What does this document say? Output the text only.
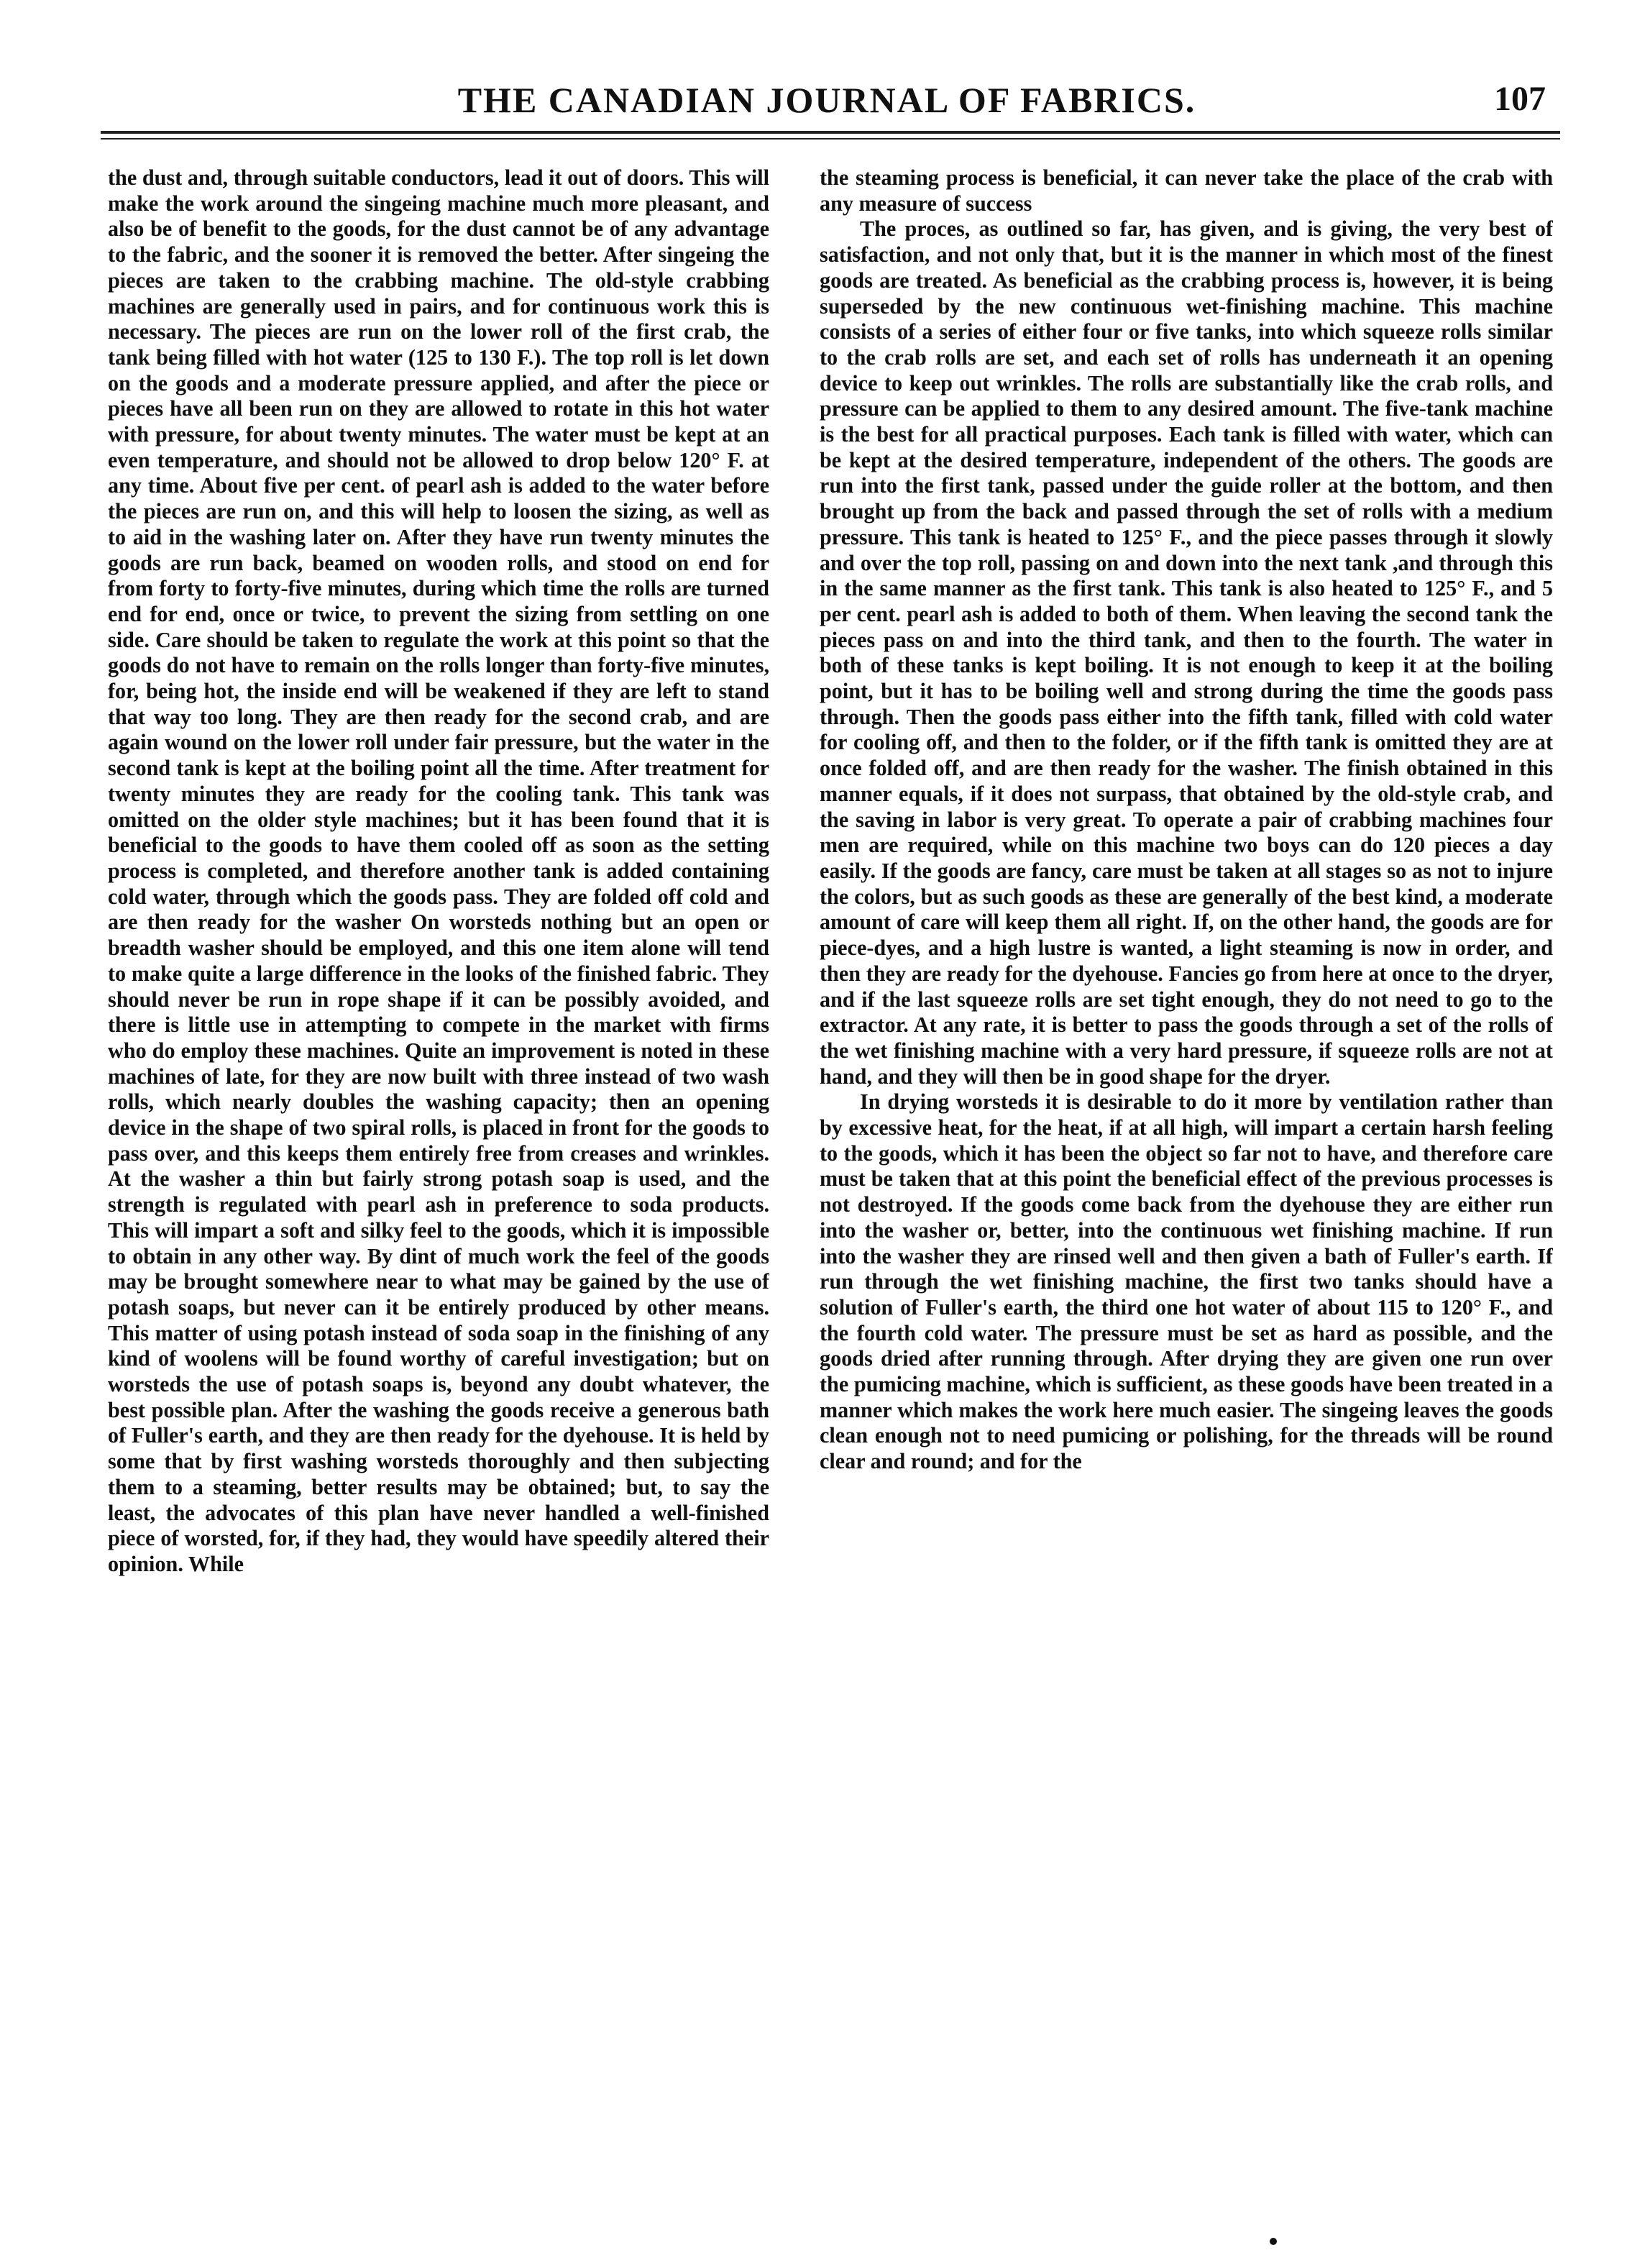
THE CANADIAN JOURNAL OF FABRICS.	107

the dust and, through suitable conductors, lead it out of doors. This will make the work around the singeing machine much more pleasant, and also be of benefit to the goods, for the dust cannot be of any advantage to the fabric, and the sooner it is removed the better. After singeing the pieces are taken to the crabbing machine. The old-style crabbing machines are generally used in pairs, and for continuous work this is necessary. The pieces are run on the lower roll of the first crab, the tank being filled with hot water (125 to 130 F.). The top roll is let down on the goods and a moderate pressure applied, and after the piece or pieces have all been run on they are allowed to rotate in this hot water with pressure, for about twenty minutes. The water must be kept at an even temperature, and should not be allowed to drop below 120° F. at any time. About five per cent. of pearl ash is added to the water before the pieces are run on, and this will help to loosen the sizing, as well as to aid in the washing later on. After they have run twenty minutes the goods are run back, beamed on wooden rolls, and stood on end for from forty to forty-five minutes, during which time the rolls are turned end for end, once or twice, to prevent the sizing from settling on one side. Care should be taken to regulate the work at this point so that the goods do not have to remain on the rolls longer than forty-five minutes, for, being hot, the inside end will be weakened if they are left to stand that way too long. They are then ready for the second crab, and are again wound on the lower roll under fair pressure, but the water in the second tank is kept at the boiling point all the time. After treatment for twenty minutes they are ready for the cooling tank. This tank was omitted on the older style machines; but it has been found that it is beneficial to the goods to have them cooled off as soon as the setting process is completed, and therefore another tank is added containing cold water, through which the goods pass. They are folded off cold and are then ready for the washer On worsteds nothing but an open or breadth washer should be employed, and this one item alone will tend to make quite a large difference in the looks of the finished fabric. They should never be run in rope shape if it can be possibly avoided, and there is little use in attempting to compete in the market with firms who do employ these machines. Quite an improvement is noted in these machines of late, for they are now built with three instead of two wash rolls, which nearly doubles the washing capacity; then an opening device in the shape of two spiral rolls, is placed in front for the goods to pass over, and this keeps them entirely free from creases and wrinkles. At the washer a thin but fairly strong potash soap is used, and the strength is regulated with pearl ash in preference to soda products. This will impart a soft and silky feel to the goods, which it is impossible to obtain in any other way. By dint of much work the feel of the goods may be brought somewhere near to what may be gained by the use of potash soaps, but never can it be entirely produced by other means. This matter of using potash instead of soda soap in the finishing of any kind of woolens will be found worthy of careful investigation; but on worsteds the use of potash soaps is, beyond any doubt whatever, the best possible plan. After the washing the goods receive a generous bath of Fuller's earth, and they are then ready for the dyehouse. It is held by some that by first washing worsteds thoroughly and then subjecting them to a steaming, better results may be obtained; but, to say the least, the advocates of this plan have never handled a well-finished piece of worsted, for, if they had, they would have speedily altered their opinion. While

the steaming process is beneficial, it can never take the place of the crab with any measure of success

The proces, as outlined so far, has given, and is giving, the very best of satisfaction, and not only that, but it is the manner in which most of the finest goods are treated. As beneficial as the crabbing process is, however, it is being superseded by the new continuous wet-finishing machine. This machine consists of a series of either four or five tanks, into which squeeze rolls similar to the crab rolls are set, and each set of rolls has underneath it an opening device to keep out wrinkles. The rolls are substantially like the crab rolls, and pressure can be applied to them to any desired amount. The five-tank machine is the best for all practical purposes. Each tank is filled with water, which can be kept at the desired temperature, independent of the others. The goods are run into the first tank, passed under the guide roller at the bottom, and then brought up from the back and passed through the set of rolls with a medium pressure. This tank is heated to 125° F., and the piece passes through it slowly and over the top roll, passing on and down into the next tank ,and through this in the same manner as the first tank. This tank is also heated to 125° F., and 5 per cent. pearl ash is added to both of them. When leaving the second tank the pieces pass on and into the third tank, and then to the fourth. The water in both of these tanks is kept boiling. It is not enough to keep it at the boiling point, but it has to be boiling well and strong during the time the goods pass through. Then the goods pass either into the fifth tank, filled with cold water for cooling off, and then to the folder, or if the fifth tank is omitted they are at once folded off, and are then ready for the washer. The finish obtained in this manner equals, if it does not surpass, that obtained by the old-style crab, and the saving in labor is very great. To operate a pair of crabbing machines four men are required, while on this machine two boys can do 120 pieces a day easily. If the goods are fancy, care must be taken at all stages so as not to injure the colors, but as such goods as these are generally of the best kind, a moderate amount of care will keep them all right. If, on the other hand, the goods are for piece-dyes, and a high lustre is wanted, a light steaming is now in order, and then they are ready for the dyehouse. Fancies go from here at once to the dryer, and if the last squeeze rolls are set tight enough, they do not need to go to the extractor. At any rate, it is better to pass the goods through a set of the rolls of the wet finishing machine with a very hard pressure, if squeeze rolls are not at hand, and they will then be in good shape for the dryer.

In drying worsteds it is desirable to do it more by ventilation rather than by excessive heat, for the heat, if at all high, will impart a certain harsh feeling to the goods, which it has been the object so far not to have, and therefore care must be taken that at this point the beneficial effect of the previous processes is not destroyed. If the goods come back from the dyehouse they are either run into the washer or, better, into the continuous wet finishing machine. If run into the washer they are rinsed well and then given a bath of Fuller's earth. If run through the wet finishing machine, the first two tanks should have a solution of Fuller's earth, the third one hot water of about 115 to 120° F., and the fourth cold water. The pressure must be set as hard as possible, and the goods dried after running through. After drying they are given one run over the pumicing machine, which is sufficient, as these goods have been treated in a manner which makes the work here much easier. The singeing leaves the goods clean enough not to need pumicing or polishing, for the threads will be round clear and round; and for the
